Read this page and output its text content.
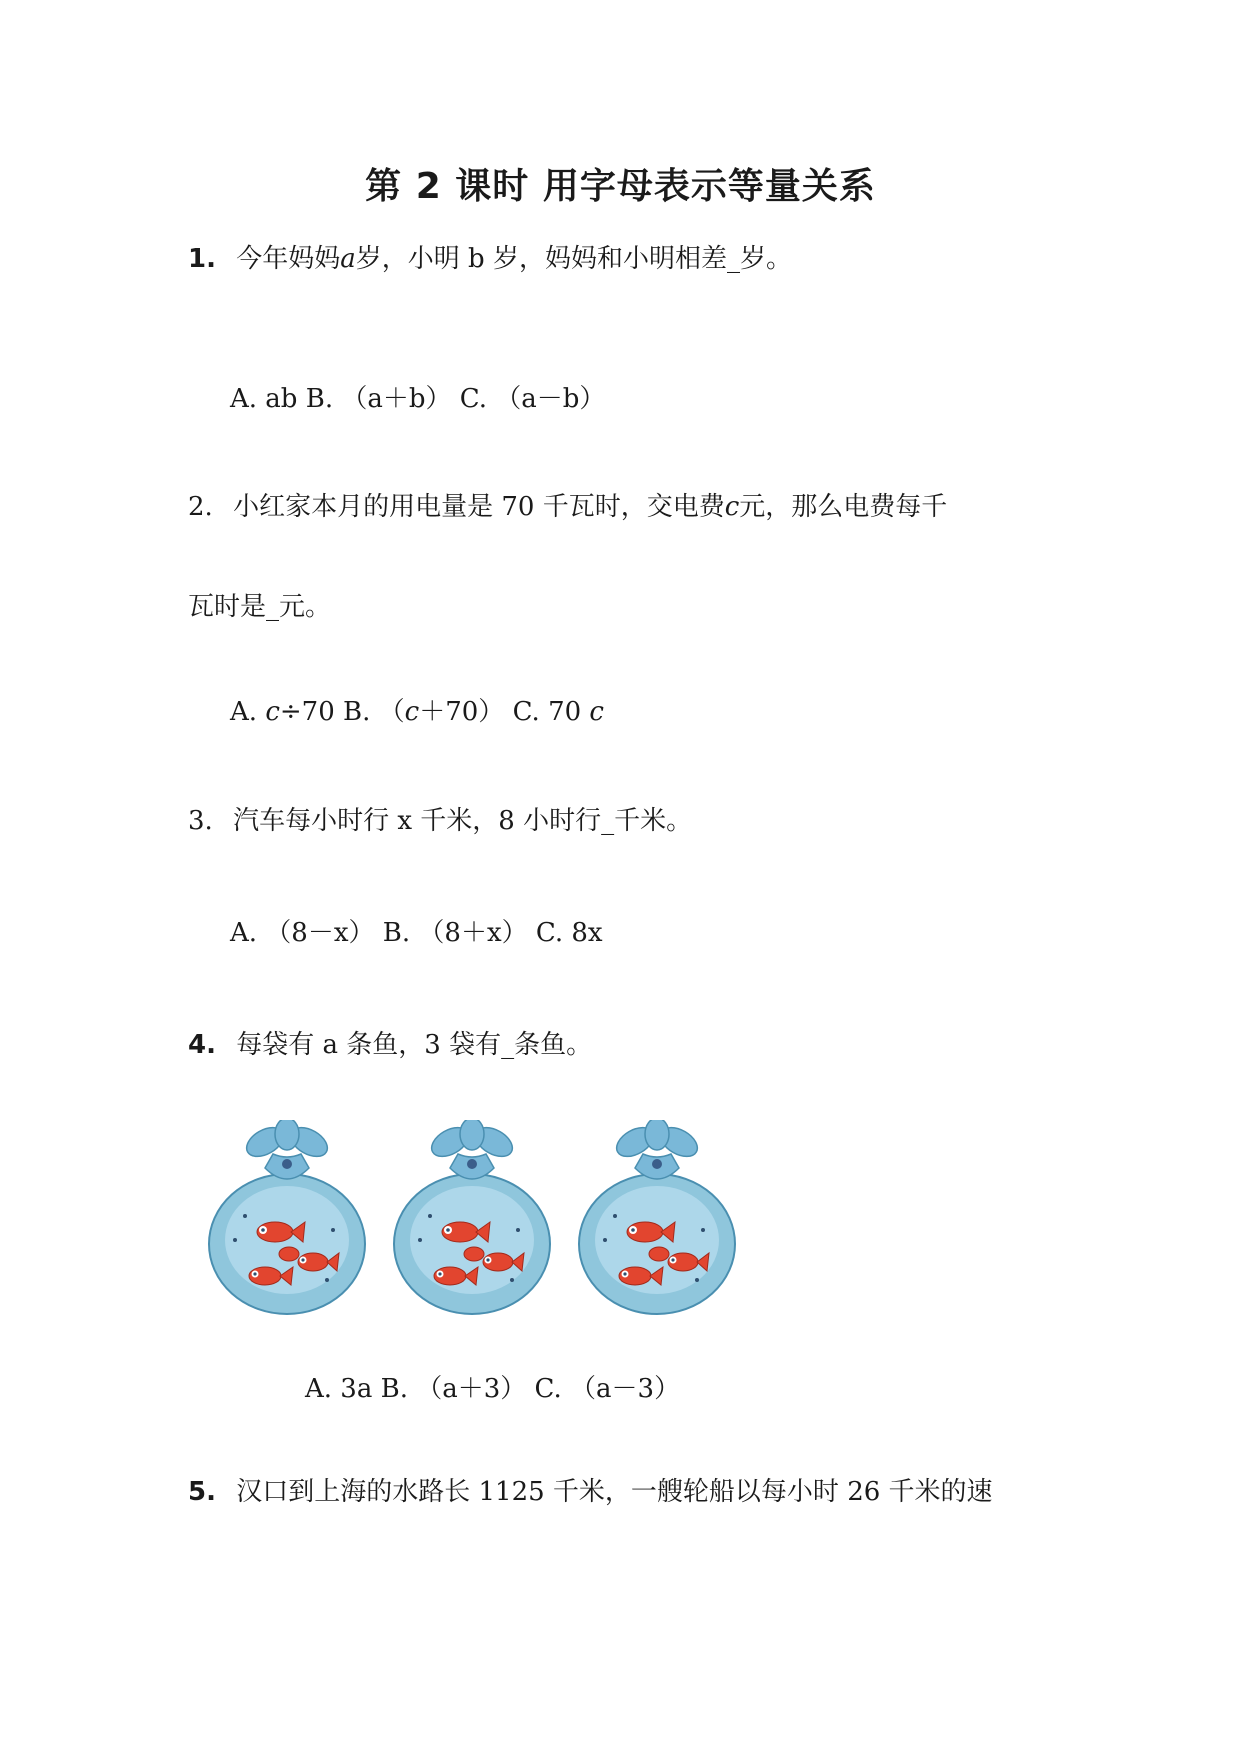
第 2 课时 用字母表示等量关系
1. 今年妈妈a岁，小明 b 岁，妈妈和小明相差_岁。
A. ab B. （a＋b） C. （a－b）
2. 小红家本月的用电量是 70 千瓦时，交电费c元，那么电费每千
瓦时是_元。
A. c÷70 B. （c＋70） C. 70 c
3. 汽车每小时行 x 千米，8 小时行_千米。
A. （8－x） B. （8＋x） C. 8x
4. 每袋有 a 条鱼，3 袋有_条鱼。
A. 3a B. （a＋3） C. （a－3）
5. 汉口到上海的水路长 1125 千米，一艘轮船以每小时 26 千米的速
